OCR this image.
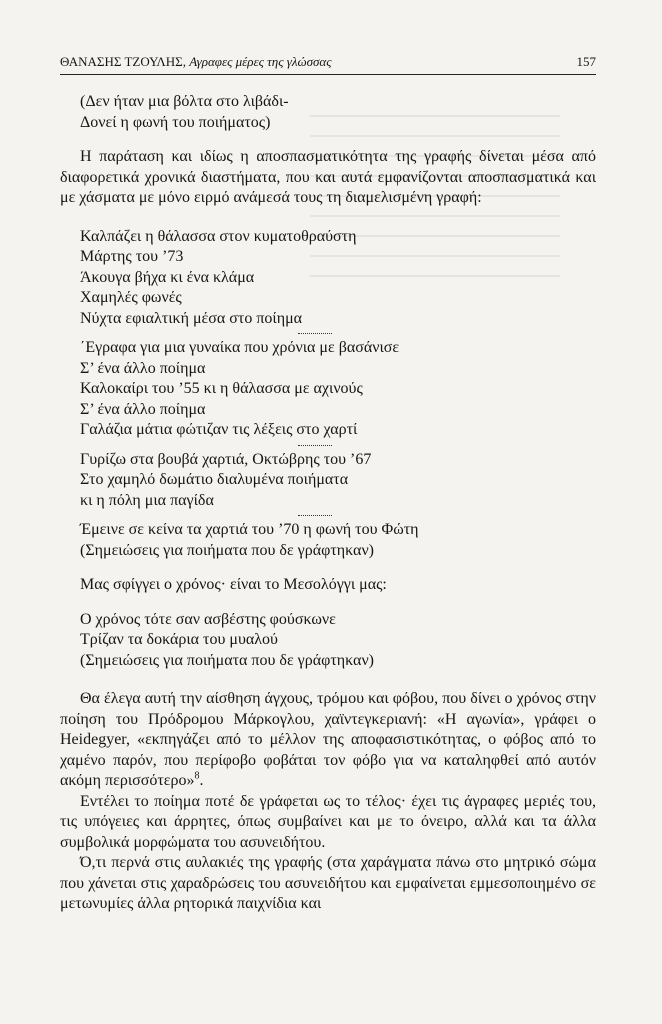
ΘΑΝΑΣΗΣ ΤΖΟΥΛΗΣ, Αγραφες μέρες της γλώσσας	157
(Δεν ήταν μια βόλτα στο λιβάδι-
Δονεί η φωνή του ποιήματος)

Η παράταση και ιδίως η αποσπασματικότητα της γραφής δίνεται μέσα από διαφορετικά χρονικά διαστήματα, που και αυτά εμφανίζονται αποσπασματικά και με χάσματα με μόνο ειρμό ανάμεσά τους τη διαμελισμένη γραφή:

Καλπάζει η θάλασσα στον κυματοθραύστη
Μάρτης του ’73
Άκουγα βήχα κι ένα κλάμα
Χαμηλές φωνές
Νύχτα εφιαλτική μέσα στο ποίημα
΄Εγραφα για μια γυναίκα που χρόνια με βασάνισε
Σ’ ένα άλλο ποίημα
Καλοκαίρι του ’55 κι η θάλασσα με αχινούς
Σ’ ένα άλλο ποίημα
Γαλάζια μάτια φώτιζαν τις λέξεις στο χαρτί
Γυρίζω στα βουβά χαρτιά, Οκτώβρης του ’67
Στο χαμηλό δωμάτιο διαλυμένα ποιήματα
κι η πόλη μια παγίδα
Έμεινε σε κείνα τα χαρτιά του ’70 η φωνή του Φώτη
(Σημειώσεις για ποιήματα που δε γράφτηκαν)
Μας σφίγγει ο χρόνος· είναι το Μεσολόγγι μας:
Ο χρόνος τότε σαν ασβέστης φούσκωνε
Τρίζαν τα δοκάρια του μυαλού
(Σημειώσεις για ποιήματα που δε γράφτηκαν)

Θα έλεγα αυτή την αίσθηση άγχους, τρόμου και φόβου, που δίνει ο χρόνος στην ποίηση του Πρόδρομου Μάρκογλου, χαϊντεγκεριανή: «Η αγωνία», γράφει ο Heidegyer, «εκπηγάζει από το μέλλον της αποφασιστικότητας, ο φόβος από το χαμένο παρόν, που περίφοβο φοβάται τον φόβο για να καταληφθεί από αυτόν ακόμη περισσότερο»$^8$.

Εντέλει το ποίημα ποτέ δε γράφεται ως το τέλος· έχει τις άγραφες μεριές του, τις υπόγειες και άρρητες, όπως συμβαίνει και με το όνειρο, αλλά και τα άλλα συμβολικά μορφώματα του ασυνειδήτου.

Ό,τι περνά στις αυλακιές της γραφής (στα χαράγματα πάνω στο μητρικό σώμα που χάνεται στις χαραδρώσεις του ασυνειδήτου και εμφαίνεται εμμεσοποιημένο σε μετωνυμίες άλλα ρητορικά παιχνίδια και
